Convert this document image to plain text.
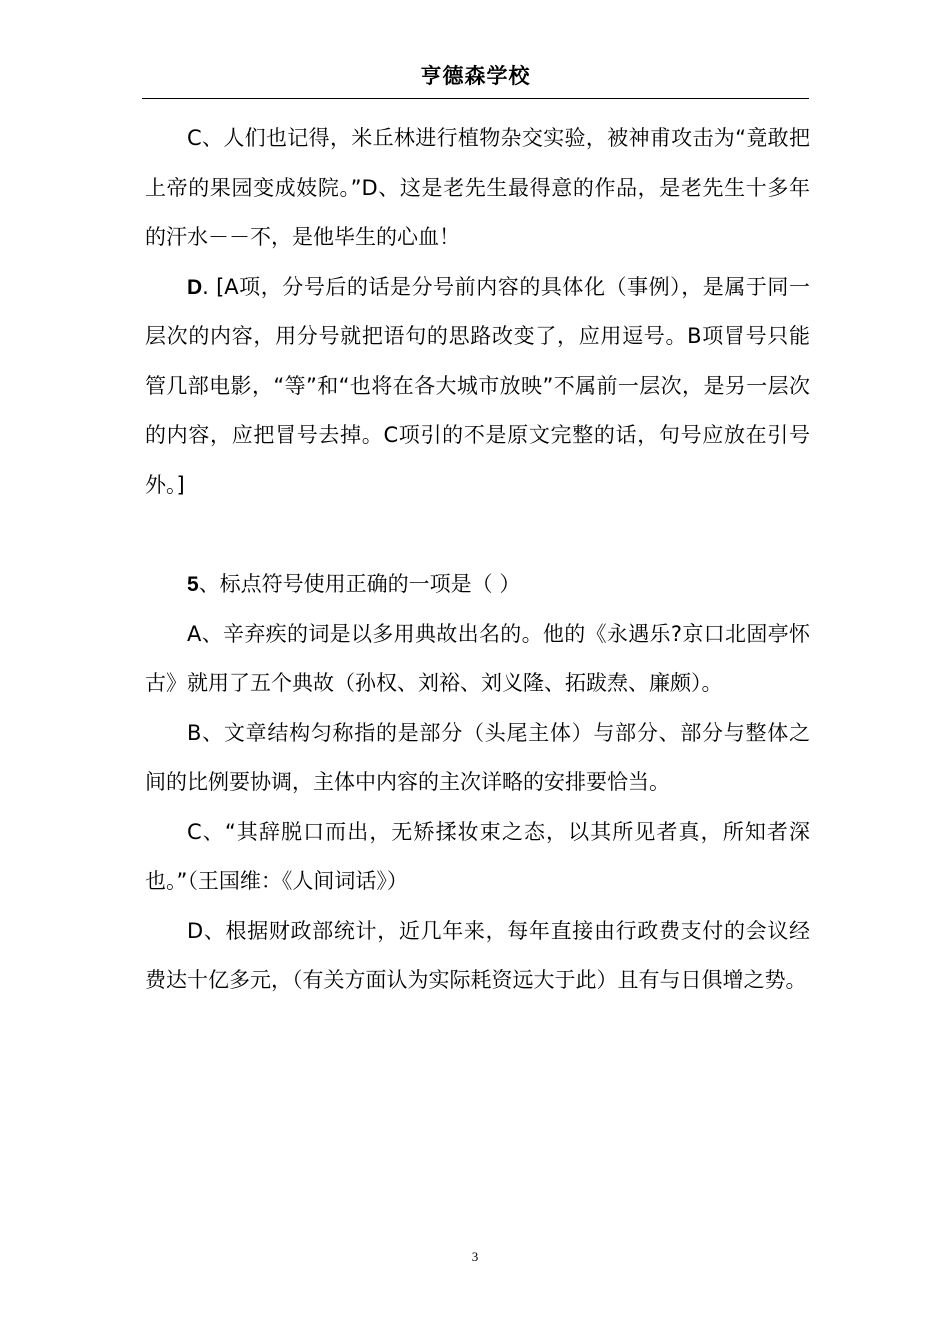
亨德森学校

C、人们也记得，米丘林进行植物杂交实验，被神甫攻击为“竟敢把上帝的果园变成妓院。”D、这是老先生最得意的作品，是老先生十多年的汗水－－不，是他毕生的心血！

D. [A项，分号后的话是分号前内容的具体化（事例），是属于同一层次的内容，用分号就把语句的思路改变了，应用逗号。B项冒号只能管几部电影，“等”和“也将在各大城市放映”不属前一层次，是另一层次的内容，应把冒号去掉。C项引的不是原文完整的话，句号应放在引号外。]

5、标点符号使用正确的一项是（ ）

A、辛弃疾的词是以多用典故出名的。他的《永遇乐?京口北固亭怀古》就用了五个典故（孙权、刘裕、刘义隆、拓跋焘、廉颇）。

B、文章结构匀称指的是部分（头尾主体）与部分、部分与整体之间的比例要协调，主体中内容的主次详略的安排要恰当。

C、“其辞脱口而出，无矫揉妆束之态，以其所见者真，所知者深也。”（王国维：《人间词话》）

D、根据财政部统计，近几年来，每年直接由行政费支付的会议经费达十亿多元，（有关方面认为实际耗资远大于此）且有与日俱增之势。

3
